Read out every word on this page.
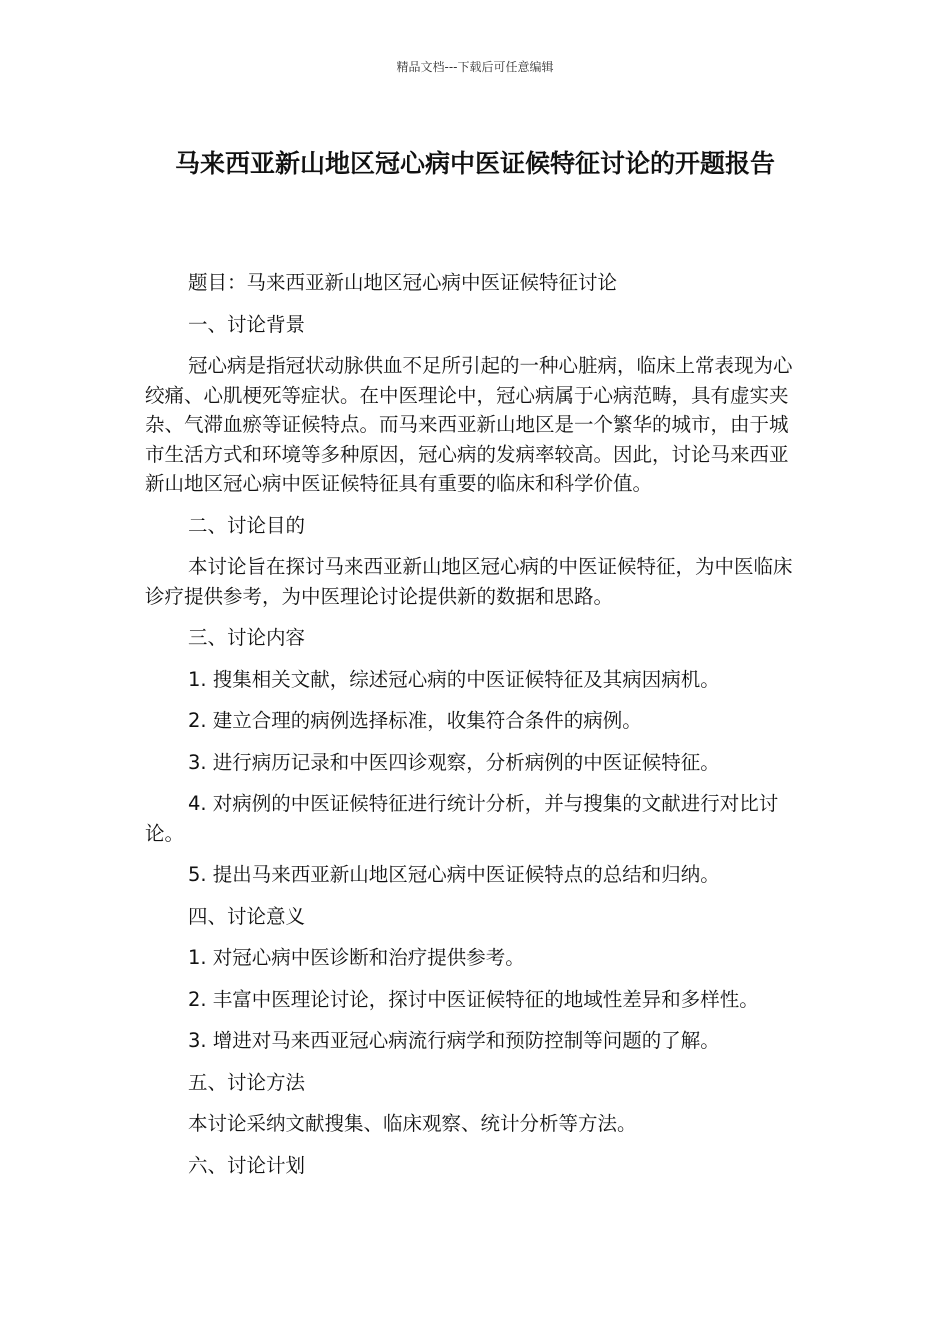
精品文档---下载后可任意编辑
马来西亚新山地区冠心病中医证候特征讨论的开题报告

题目：马来西亚新山地区冠心病中医证候特征讨论

一、讨论背景

冠心病是指冠状动脉供血不足所引起的一种心脏病，临床上常表现为心绞痛、心肌梗死等症状。在中医理论中，冠心病属于心病范畴，具有虚实夹杂、气滞血瘀等证候特点。而马来西亚新山地区是一个繁华的城市，由于城市生活方式和环境等多种原因，冠心病的发病率较高。因此，讨论马来西亚新山地区冠心病中医证候特征具有重要的临床和科学价值。

二、讨论目的

本讨论旨在探讨马来西亚新山地区冠心病的中医证候特征，为中医临床诊疗提供参考，为中医理论讨论提供新的数据和思路。

三、讨论内容

1. 搜集相关文献，综述冠心病的中医证候特征及其病因病机。

2. 建立合理的病例选择标准，收集符合条件的病例。

3. 进行病历记录和中医四诊观察，分析病例的中医证候特征。

4. 对病例的中医证候特征进行统计分析，并与搜集的文献进行对比讨论。

5. 提出马来西亚新山地区冠心病中医证候特点的总结和归纳。

四、讨论意义

1. 对冠心病中医诊断和治疗提供参考。

2. 丰富中医理论讨论，探讨中医证候特征的地域性差异和多样性。

3. 增进对马来西亚冠心病流行病学和预防控制等问题的了解。

五、讨论方法

本讨论采纳文献搜集、临床观察、统计分析等方法。

六、讨论计划
